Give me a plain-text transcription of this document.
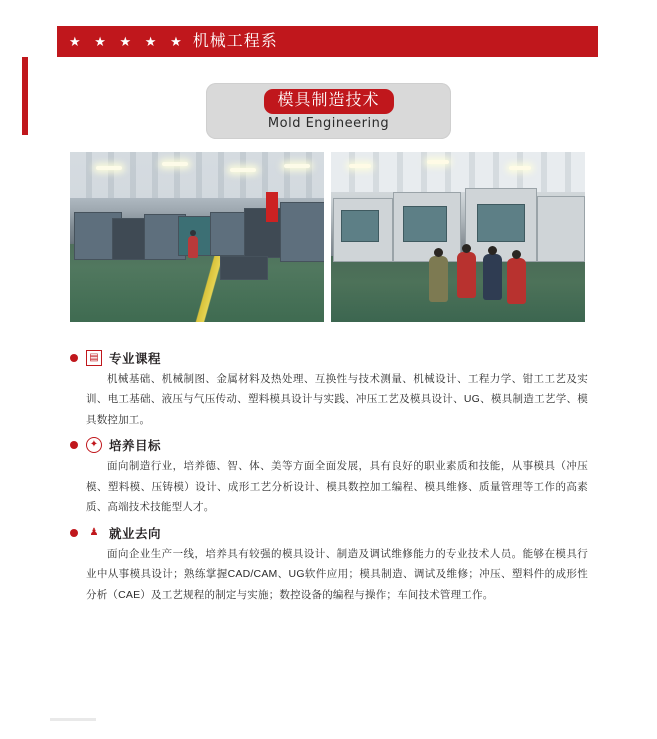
★ ★ ★ ★ ★ 机械工程系
模具制造技术
Mold Engineering
▤ 专业课程
机械基础、机械制图、金属材料及热处理、互换性与技术测量、机械设计、工程力学、钳工工艺及实训、电工基础、液压与气压传动、塑料模具设计与实践、冲压工艺及模具设计、UG、模具制造工艺学、模具数控加工。
✦ 培养目标
面向制造行业，培养德、智、体、美等方面全面发展，具有良好的职业素质和技能，从事模具（冲压模、塑料模、压铸模）设计、成形工艺分析设计、模具数控加工编程、模具维修、质量管理等工作的高素质、高端技术技能型人才。
♟ 就业去向
面向企业生产一线，培养具有较强的模具设计、制造及调试维修能力的专业技术人员。能够在模具行业中从事模具设计；熟练掌握CAD/CAM、UG软件应用；模具制造、调试及维修；冲压、塑料件的成形性分析（CAE）及工艺规程的制定与实施；数控设备的编程与操作；车间技术管理工作。
